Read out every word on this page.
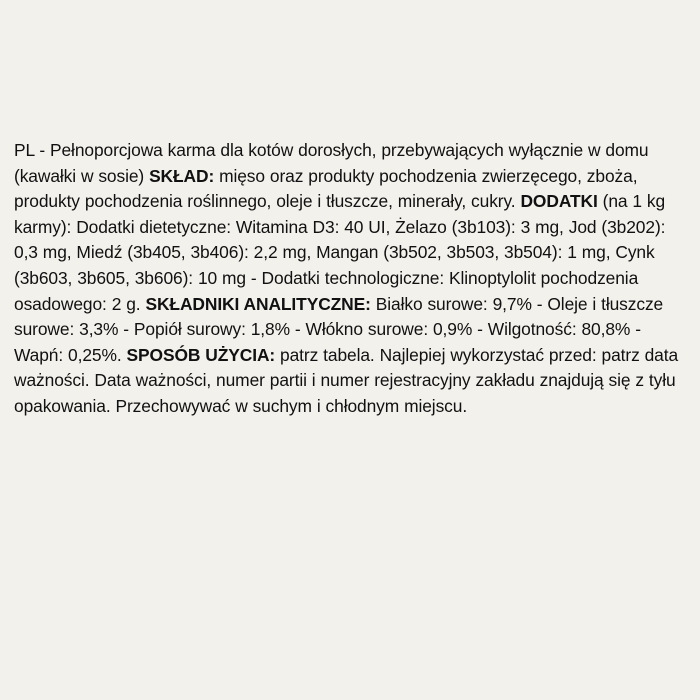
PL - Pełnoporcjowa karma dla kotów dorosłych, przebywających wyłącznie w domu (kawałki w sosie) SKŁAD: mięso oraz produkty pochodzenia zwierzęcego, zboża, produkty pochodzenia roślinnego, oleje i tłuszcze, minerały, cukry. DODATKI (na 1 kg karmy): Dodatki dietetyczne: Witamina D3: 40 UI, Żelazo (3b103): 3 mg, Jod (3b202): 0,3 mg, Miedź (3b405, 3b406): 2,2 mg, Mangan (3b502, 3b503, 3b504): 1 mg, Cynk (3b603, 3b605, 3b606): 10 mg - Dodatki technologiczne: Klinoptylolit pochodzenia osadowego: 2 g. SKŁADNIKI ANALITYCZNE: Białko surowe: 9,7% - Oleje i tłuszcze surowe: 3,3% - Popiół surowy: 1,8% - Włókno surowe: 0,9% - Wilgotność: 80,8% - Wapń: 0,25%. SPOSÓB UŻYCIA: patrz tabela. Najlepiej wykorzystać przed: patrz data ważności. Data ważności, numer partii i numer rejestracyjny zakładu znajdują się z tyłu opakowania. Przechowywać w suchym i chłodnym miejscu.
